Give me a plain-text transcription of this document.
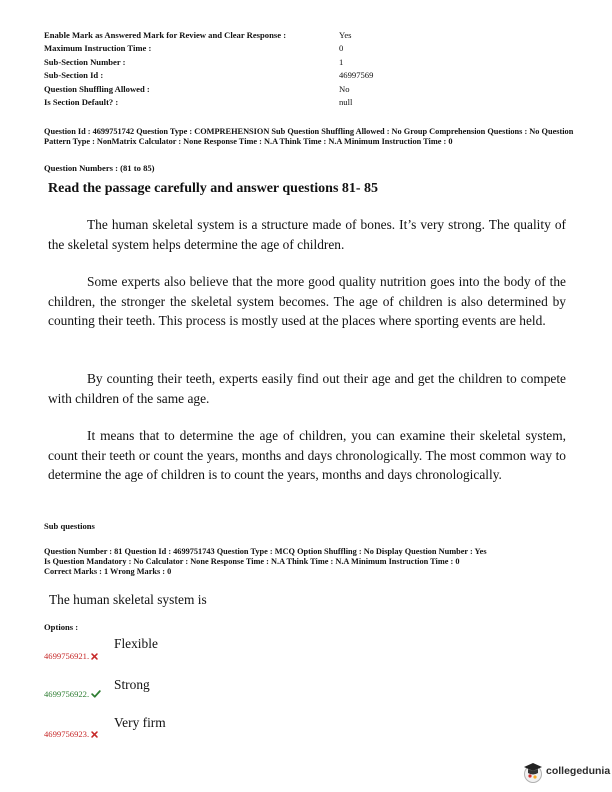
Enable Mark as Answered Mark for Review and Clear Response :	Yes
Maximum Instruction Time :	0
Sub-Section Number :	1
Sub-Section Id :	46997569
Question Shuffling Allowed :	No
Is Section Default? :	null
Question Id : 4699751742 Question Type : COMPREHENSION Sub Question Shuffling Allowed : No Group Comprehension Questions : No Question Pattern Type : NonMatrix Calculator : None Response Time : N.A Think Time : N.A Minimum Instruction Time : 0
Question Numbers : (81 to 85)
Read the passage carefully and answer questions 81- 85
The human skeletal system is a structure made of bones. It’s very strong. The quality of the skeletal system helps determine the age of children.
Some experts also believe that the more good quality nutrition goes into the body of the children, the stronger the skeletal system becomes. The age of children is also determined by counting their teeth. This process is mostly used at the places where sporting events are held.
By counting their teeth, experts easily find out their age and get the children to compete with children of the same age.
It means that to determine the age of children, you can examine their skeletal system, count their teeth or count the years, months and days chronologically. The most common way to determine the age of children is to count the years, months and days chronologically.
Sub questions
Question Number : 81 Question Id : 4699751743 Question Type : MCQ Option Shuffling : No Display Question Number : Yes
Is Question Mandatory : No Calculator : None Response Time : N.A Think Time : N.A Minimum Instruction Time : 0
Correct Marks : 1 Wrong Marks : 0
The human skeletal system is
Options :
4699756921.
Flexible
4699756922.
Strong
4699756923.
Very firm
collegedunia
